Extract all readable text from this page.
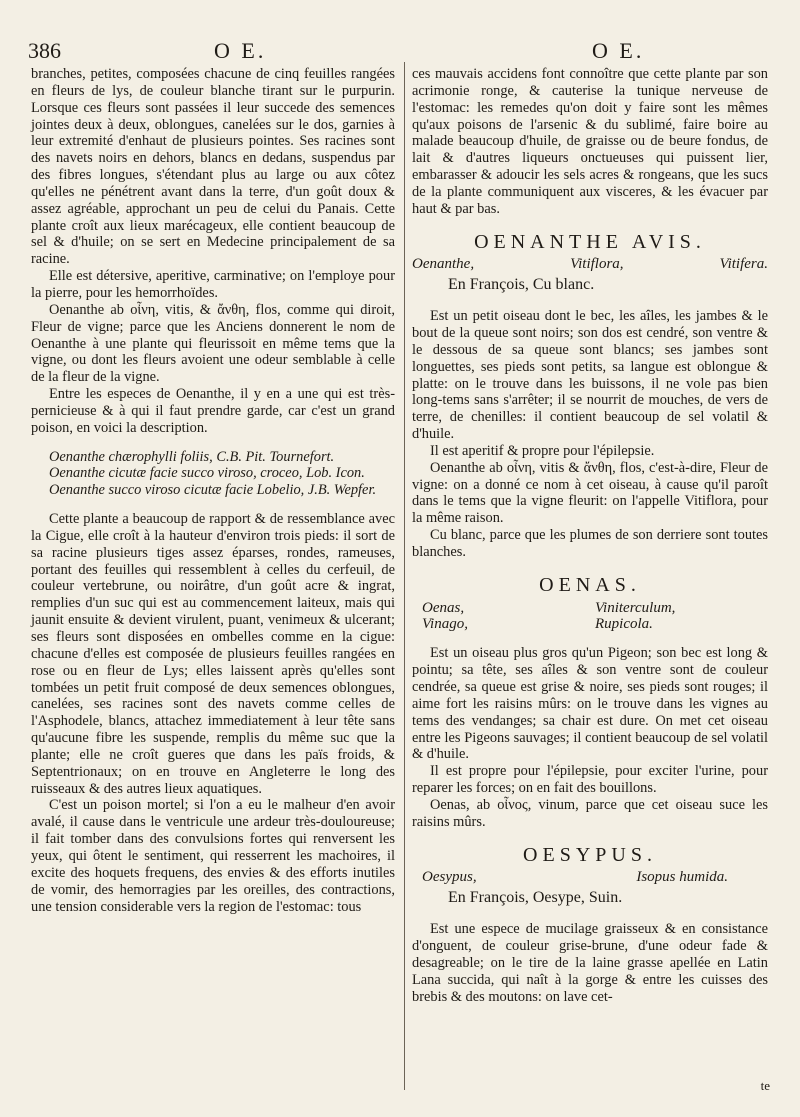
386	O E.	O E.

branches, petites, composées chacune de cinq feuilles rangées en fleurs de lys, de couleur blanche tirant sur le purpurin. Lorsque ces fleurs sont passées il leur succede des semences jointes deux à deux, oblongues, canelées sur le dos, garnies à leur extremité d'enhaut de plusieurs pointes. Ses racines sont des navets noirs en dehors, blancs en dedans, suspendus par des fibres longues, s'étendant plus au large ou aux côtez qu'elles ne pénétrent avant dans la terre, d'un goût doux & assez agréable, approchant un peu de celui du Panais. Cette plante croît aux lieux marécageux, elle contient beaucoup de sel & d'huile; on se sert en Medecine principalement de sa racine.

Elle est détersive, aperitive, carminative; on l'employe pour la pierre, pour les hemorrhoïdes.

Oenanthe ab οἶνη, vitis, & ἄνθη, flos, comme qui diroit, Fleur de vigne; parce que les Anciens donnerent le nom de Oenanthe à une plante qui fleurissoit en même tems que la vigne, ou dont les fleurs avoient une odeur semblable à celle de la fleur de la vigne.

Entre les especes de Oenanthe, il y en a une qui est très-pernicieuse & à qui il faut prendre garde, car c'est un grand poison, en voici la description.

Oenanthe chærophylli foliis, C.B. Pit. Tournefort.

Oenanthe cicutæ facie succo viroso, croceo, Lob. Icon.

Oenanthe succo viroso cicutæ facie Lobelio, J.B. Wepfer.

Cette plante a beaucoup de rapport & de ressemblance avec la Cigue, elle croît à la hauteur d'environ trois pieds: il sort de sa racine plusieurs tiges assez éparses, rondes, rameuses, portant des feuilles qui ressemblent à celles du cerfeuil, de couleur vertebrune, ou noirâtre, d'un goût acre & ingrat, remplies d'un suc qui est au commencement laiteux, mais qui jaunit ensuite & devient virulent, puant, venimeux & ulcerant; ses fleurs sont disposées en ombelles comme en la cigue: chacune d'elles est composée de plusieurs feuilles rangées en rose ou en fleur de Lys; elles laissent après qu'elles sont tombées un petit fruit composé de deux semences oblongues, canelées, ses racines sont des navets comme celles de l'Asphodele, blancs, attachez immediatement à leur tête sans qu'aucune fibre les suspende, remplis du même suc que la plante; elle ne croît gueres que dans les païs froids, & Septentrionaux; on en trouve en Angleterre le long des ruisseaux & des autres lieux aquatiques.

C'est un poison mortel; si l'on a eu le malheur d'en avoir avalé, il cause dans le ventricule une ardeur très-douloureuse; il fait tomber dans des convulsions fortes qui renversent les yeux, qui ôtent le sentiment, qui resserrent les machoires, il excite des hoquets frequens, des envies & des efforts inutiles de vomir, des hemorragies par les oreilles, des contractions, une tension considerable vers la region de l'estomac: tous

ces mauvais accidens font connoître que cette plante par son acrimonie ronge, & cauterise la tunique nerveuse de l'estomac: les remedes qu'on doit y faire sont les mêmes qu'aux poisons de l'arsenic & du sublimé, faire boire au malade beaucoup d'huile, de graisse ou de beure fondus, de lait & d'autres liqueurs onctueuses qui puissent lier, embarasser & adoucir les sels acres & rongeans, que les sucs de la plante communiquent aux visceres, & les évacuer par haut & par bas.

OENANTHE AVIS.
Oenanthe,	Vitiflora,	Vitifera.

En François, Cu blanc.

Est un petit oiseau dont le bec, les aîles, les jambes & le bout de la queue sont noirs; son dos est cendré, son ventre & le dessous de sa queue sont blancs; ses jambes sont longuettes, ses pieds sont petits, sa langue est oblongue & platte: on le trouve dans les buissons, il ne vole pas bien long-tems sans s'arrêter; il se nourrit de mouches, de vers de terre, de chenilles: il contient beaucoup de sel volatil & d'huile.

Il est aperitif & propre pour l'épilepsie.

Oenanthe ab οἶνη, vitis & ἄνθη, flos, c'est-à-dire, Fleur de vigne: on a donné ce nom à cet oiseau, à cause qu'il paroît dans le tems que la vigne fleurit: on l'appelle Vitiflora, pour la même raison.

Cu blanc, parce que les plumes de son derriere sont toutes blanches.

OENAS.
Oenas,	Viniterculum,
Vinago,	Rupicola.

Est un oiseau plus gros qu'un Pigeon; son bec est long & pointu; sa tête, ses aîles & son ventre sont de couleur cendrée, sa queue est grise & noire, ses pieds sont rouges; il aime fort les raisins mûrs: on le trouve dans les vignes au tems des vendanges; sa chair est dure. On met cet oiseau entre les Pigeons sauvages; il contient beaucoup de sel volatil & d'huile.

Il est propre pour l'épilepsie, pour exciter l'urine, pour reparer les forces; on en fait des bouillons.

Oenas, ab οἶνος, vinum, parce que cet oiseau suce les raisins mûrs.

OESYPUS.
Oesypus,	Isopus humida.

En François, Oesype, Suin.

Est une espece de mucilage graisseux & en consistance d'onguent, de couleur grise-brune, d'une odeur fade & desagreable; on le tire de la laine grasse apellée en Latin Lana succida, qui naît à la gorge & entre les cuisses des brebis & des moutons: on lave cet-

te
